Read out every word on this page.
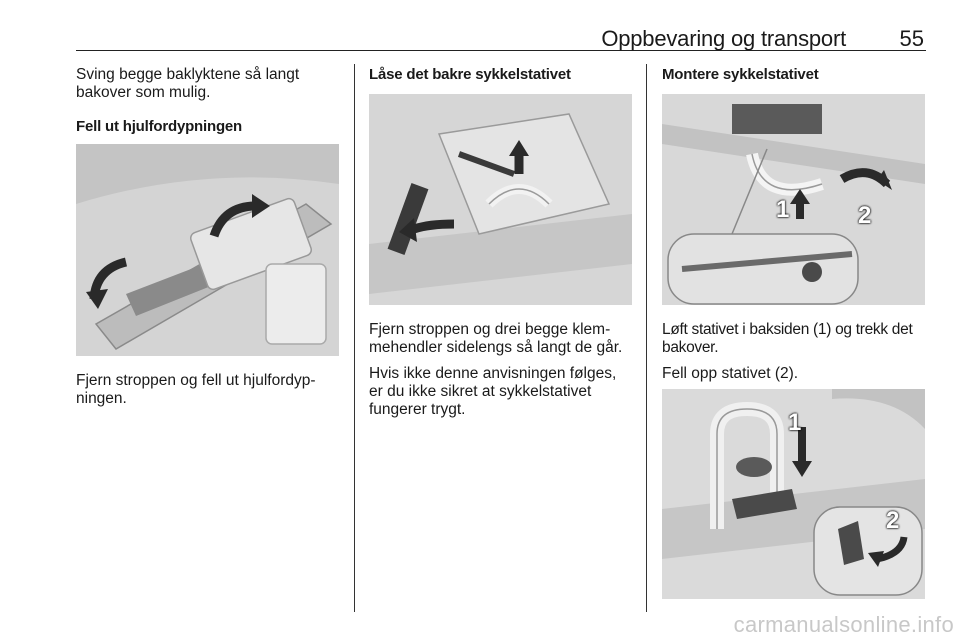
Oppbevaring og transport 55

Sving begge baklyktene så langt bakover som mulig.

Fell ut hjulfordypningen

Fjern stroppen og fell ut hjulfordyp-ningen.

Låse det bakre sykkelstativet

Fjern stroppen og drei begge klem-mehendler sidelengs så langt de går.

Hvis ikke denne anvisningen følges, er du ikke sikret at sykkelstativet fungerer trygt.

Montere sykkelstativet

1	2

Løft stativet i baksiden (1) og trekk det bakover.

Fell opp stativet (2).

1
2
carmanualsonline.info
